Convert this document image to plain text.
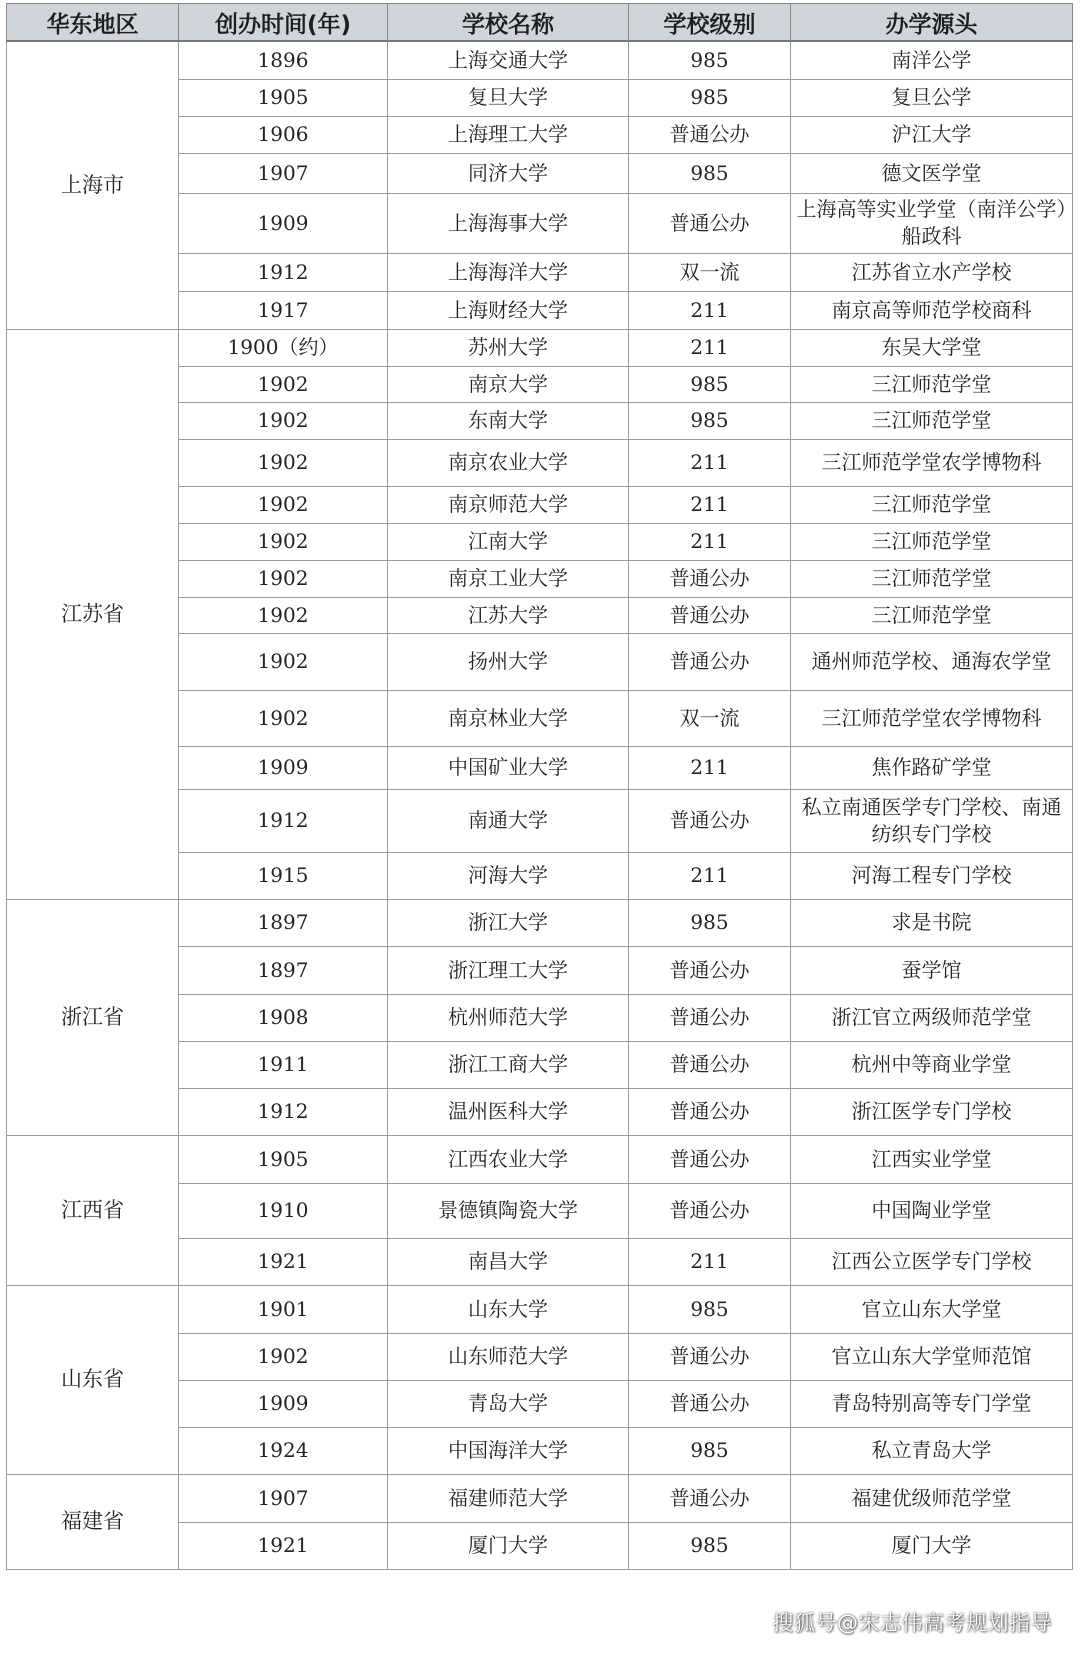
华东地区	创办时间(年)	学校名称	学校级别	办学源头
上海市	1896	上海交通大学	985	南洋公学
	1905	复旦大学	985	复旦公学
	1906	上海理工大学	普通公办	沪江大学
	1907	同济大学	985	德文医学堂
	1909	上海海事大学	普通公办	上海高等实业学堂（南洋公学）船政科
	1912	上海海洋大学	双一流	江苏省立水产学校
	1917	上海财经大学	211	南京高等师范学校商科
江苏省	1900（约）	苏州大学	211	东吴大学堂
	1902	南京大学	985	三江师范学堂
	1902	东南大学	985	三江师范学堂
	1902	南京农业大学	211	三江师范学堂农学博物科
	1902	南京师范大学	211	三江师范学堂
	1902	江南大学	211	三江师范学堂
	1902	南京工业大学	普通公办	三江师范学堂
	1902	江苏大学	普通公办	三江师范学堂
	1902	扬州大学	普通公办	通州师范学校、通海农学堂
	1902	南京林业大学	双一流	三江师范学堂农学博物科
	1909	中国矿业大学	211	焦作路矿学堂
	1912	南通大学	普通公办	私立南通医学专门学校、南通纺织专门学校
	1915	河海大学	211	河海工程专门学校
浙江省	1897	浙江大学	985	求是书院
	1897	浙江理工大学	普通公办	蚕学馆
	1908	杭州师范大学	普通公办	浙江官立两级师范学堂
	1911	浙江工商大学	普通公办	杭州中等商业学堂
	1912	温州医科大学	普通公办	浙江医学专门学校
江西省	1905	江西农业大学	普通公办	江西实业学堂
	1910	景德镇陶瓷大学	普通公办	中国陶业学堂
	1921	南昌大学	211	江西公立医学专门学校
山东省	1901	山东大学	985	官立山东大学堂
	1902	山东师范大学	普通公办	官立山东大学堂师范馆
	1909	青岛大学	普通公办	青岛特别高等专门学堂
	1924	中国海洋大学	985	私立青岛大学
福建省	1907	福建师范大学	普通公办	福建优级师范学堂
	1921	厦门大学	985	厦门大学
搜狐号@宋志伟高考规划指导
